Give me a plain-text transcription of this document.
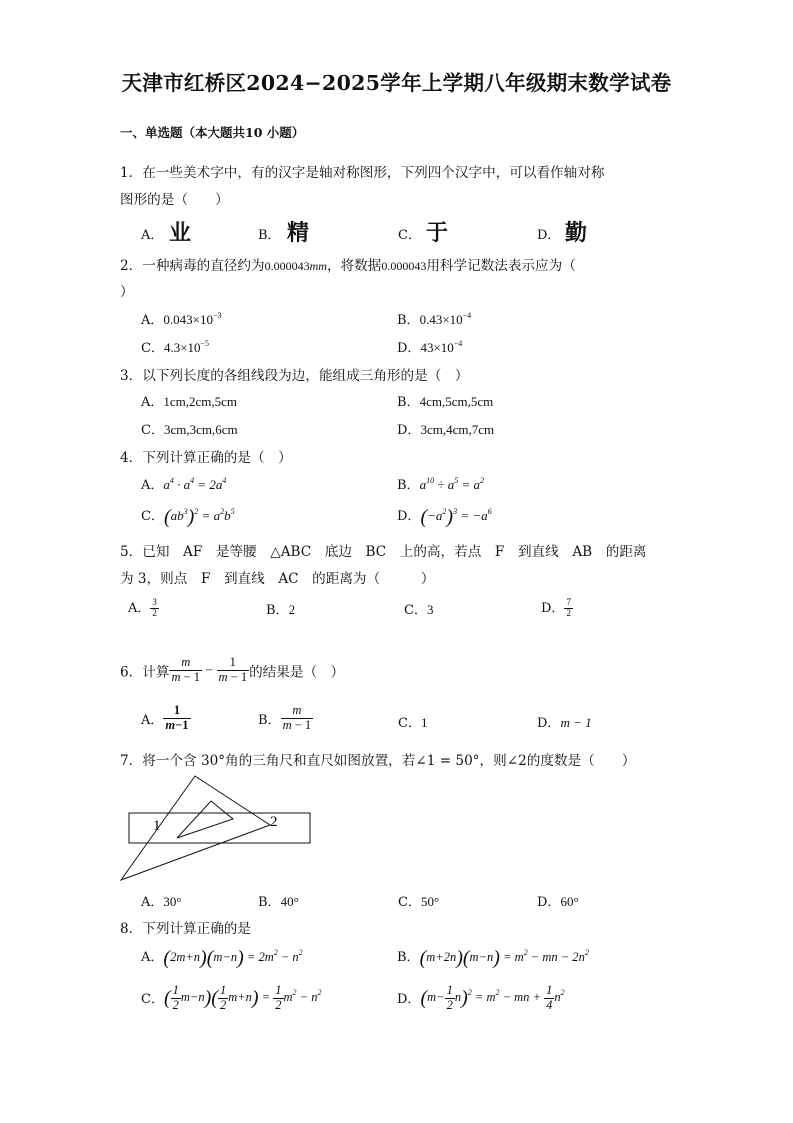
天津市红桥区2024−2025学年上学期八年级期末数学试卷
一、单选题（本大题共10 小题）
1．在一些美术字中，有的汉字是轴对称图形，下列四个汉字中，可以看作轴对称
图形的是（　　）
A． 业	B． 精	C． 于	D． 勤
2．一种病毒的直径约为0.000043mm，将数据0.000043用科学记数法表示应为（
）
A．$0.043\times 10^{-3}$	B．$0.43\times 10^{-4}$
C．$4.3\times 10^{-5}$	D．$43\times 10^{-4}$
3．以下列长度的各组线段为边，能组成三角形的是（　）
A．1cm,2cm,5cm	B．4cm,5cm,5cm
C．3cm,3cm,6cm	D．3cm,4cm,7cm
4．下列计算正确的是（　）
A．$a^4 \cdot a^4 = 2a^4$	B．$a^{10} \div a^5 = a^2$
C．$(ab^3)^2 = a^2b^5$	D．$(-a^2)^3 = -a^6$
5．已知　AF　是等腰　△ABC　底边　BC　上的高，若点　F　到直线　AB　的距离
为 3，则点　F　到直线　AC　的距离为（　　　）
A． $\frac{3}{2}$	B．2	C．3	D． $\frac{7}{2}$
6．计算 $\frac{m}{m - 1} - \frac{1}{m - 1}$ 的结果是（　）
A． $\frac{1}{m-1}$	B． $\frac{m}{m - 1}$	C．1	D．m − 1
7．将一个含 30°角的三角尺和直尺如图放置，若∠1 = 50°，则∠2的度数是（　　）
1	2
A．30°	B．40°	C．50°	D．60°
8．下列计算正确的是
A．$(2m+n)(m-n) = 2m^2 - n^2$	B．$(m+2n)(m-n) = m^2$ − mn − $2n^2$
C．( $\frac{1}{2} m-n)( \frac{1}{2} m+n) = \frac{1}{2} m^2 - n^2$	D．$(m- \frac{1}{2} n)^2 = m^2$ − mn + $\frac{1}{4} n^2$
